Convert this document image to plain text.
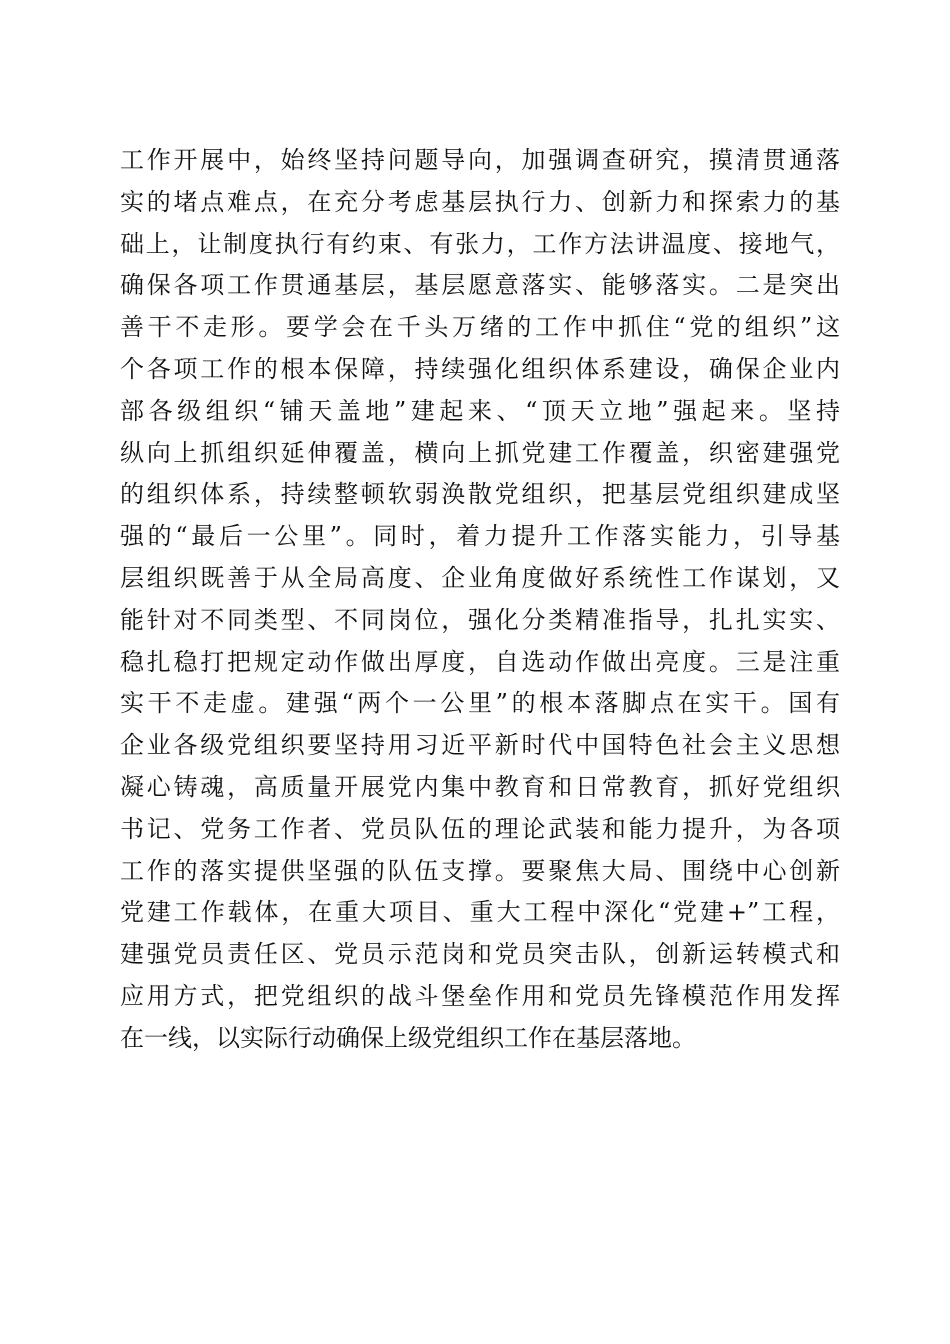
工作开展中，始终坚持问题导向，加强调查研究，摸清贯通落
实的堵点难点，在充分考虑基层执行力、创新力和探索力的基
础上，让制度执行有约束、有张力，工作方法讲温度、接地气，
确保各项工作贯通基层，基层愿意落实、能够落实。二是突出
善干不走形。要学会在千头万绪的工作中抓住“党的组织”这
个各项工作的根本保障，持续强化组织体系建设，确保企业内
部各级组织“铺天盖地”建起来、“顶天立地”强起来。坚持
纵向上抓组织延伸覆盖，横向上抓党建工作覆盖，织密建强党
的组织体系，持续整顿软弱涣散党组织，把基层党组织建成坚
强的“最后一公里”。同时，着力提升工作落实能力，引导基
层组织既善于从全局高度、企业角度做好系统性工作谋划，又
能针对不同类型、不同岗位，强化分类精准指导，扎扎实实、
稳扎稳打把规定动作做出厚度，自选动作做出亮度。三是注重
实干不走虚。建强“两个一公里”的根本落脚点在实干。国有
企业各级党组织要坚持用习近平新时代中国特色社会主义思想
凝心铸魂，高质量开展党内集中教育和日常教育，抓好党组织
书记、党务工作者、党员队伍的理论武装和能力提升，为各项
工作的落实提供坚强的队伍支撑。要聚焦大局、围绕中心创新
党建工作载体，在重大项目、重大工程中深化“党建+”工程，
建强党员责任区、党员示范岗和党员突击队，创新运转模式和
应用方式，把党组织的战斗堡垒作用和党员先锋模范作用发挥
在一线，以实际行动确保上级党组织工作在基层落地。
